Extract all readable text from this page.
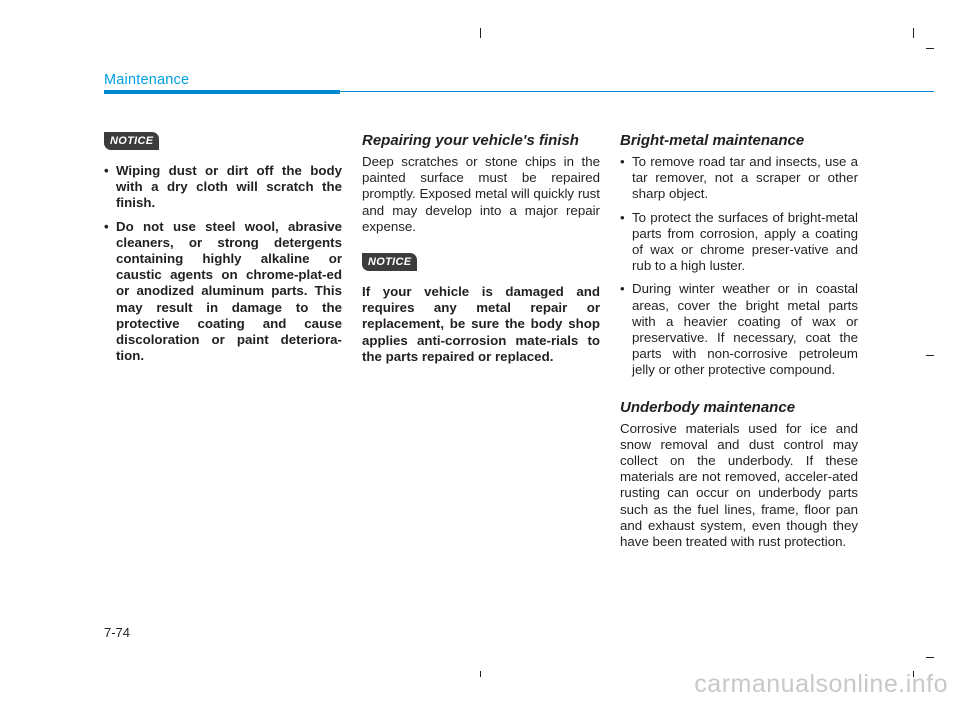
Maintenance
NOTICE
• Wiping dust or dirt off the body with a dry cloth will scratch the finish.
• Do not use steel wool, abrasive cleaners, or strong detergents containing highly alkaline or caustic agents on chrome-plat-ed or anodized aluminum parts. This may result in damage to the protective coating and cause discoloration or paint deteriora-tion.
Repairing your vehicle's finish

Deep scratches or stone chips in the painted surface must be repaired promptly. Exposed metal will quickly rust and may develop into a major repair expense.

NOTICE

If your vehicle is damaged and requires any metal repair or replacement, be sure the body shop applies anti-corrosion mate-rials to the parts repaired or replaced.

Bright-metal maintenance
• To remove road tar and insects, use a tar remover, not a scraper or other sharp object.
• To protect the surfaces of bright-metal parts from corrosion, apply a coating of wax or chrome preser-vative and rub to a high luster.
• During winter weather or in coastal areas, cover the bright metal parts with a heavier coating of wax or preservative. If necessary, coat the parts with non-corrosive petroleum jelly or other protective compound.
Underbody maintenance

Corrosive materials used for ice and snow removal and dust control may collect on the underbody. If these materials are not removed, acceler-ated rusting can occur on underbody parts such as the fuel lines, frame, floor pan and exhaust system, even though they have been treated with rust protection.

7-74
carmanualsonline.info
